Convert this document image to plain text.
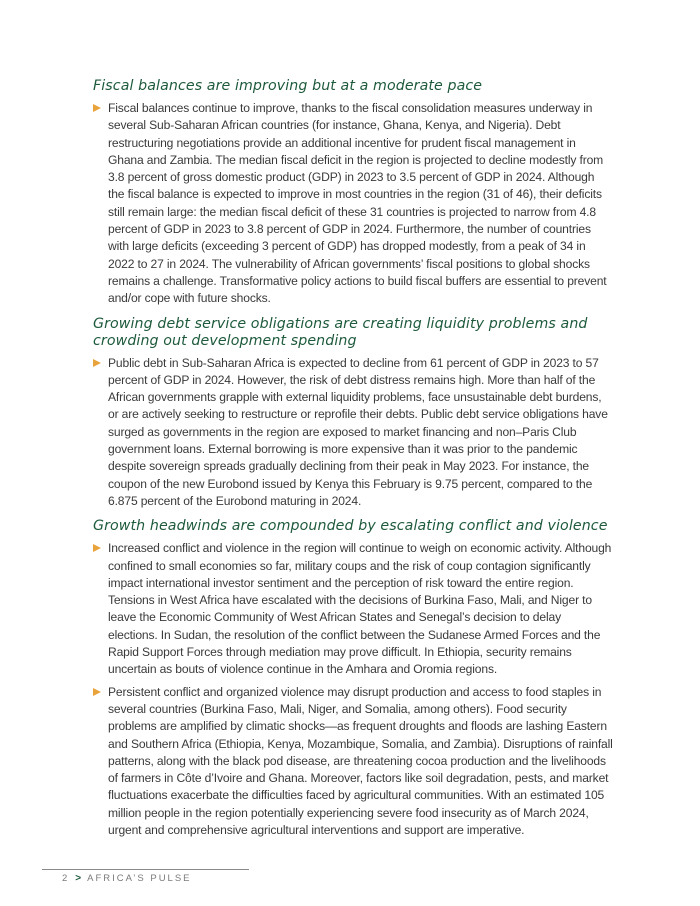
Fiscal balances are improving but at a moderate pace

Fiscal balances continue to improve, thanks to the fiscal consolidation measures underway in several Sub-Saharan African countries (for instance, Ghana, Kenya, and Nigeria). Debt restructuring negotiations provide an additional incentive for prudent fiscal management in Ghana and Zambia. The median fiscal deficit in the region is projected to decline modestly from 3.8 percent of gross domestic product (GDP) in 2023 to 3.5 percent of GDP in 2024. Although the fiscal balance is expected to improve in most countries in the region (31 of 46), their deficits still remain large: the median fiscal deficit of these 31 countries is projected to narrow from 4.8 percent of GDP in 2023 to 3.8 percent of GDP in 2024. Furthermore, the number of countries with large deficits (exceeding 3 percent of GDP) has dropped modestly, from a peak of 34 in 2022 to 27 in 2024. The vulnerability of African governments’ fiscal positions to global shocks remains a challenge. Transformative policy actions to build fiscal buffers are essential to prevent and/or cope with future shocks.

Growing debt service obligations are creating liquidity problems and crowding out development spending

Public debt in Sub-Saharan Africa is expected to decline from 61 percent of GDP in 2023 to 57 percent of GDP in 2024. However, the risk of debt distress remains high. More than half of the African governments grapple with external liquidity problems, face unsustainable debt burdens, or are actively seeking to restructure or reprofile their debts. Public debt service obligations have surged as governments in the region are exposed to market financing and non–Paris Club government loans. External borrowing is more expensive than it was prior to the pandemic despite sovereign spreads gradually declining from their peak in May 2023. For instance, the coupon of the new Eurobond issued by Kenya this February is 9.75 percent, compared to the 6.875 percent of the Eurobond maturing in 2024.

Growth headwinds are compounded by escalating conflict and violence

Increased conflict and violence in the region will continue to weigh on economic activity. Although confined to small economies so far, military coups and the risk of coup contagion significantly impact international investor sentiment and the perception of risk toward the entire region. Tensions in West Africa have escalated with the decisions of Burkina Faso, Mali, and Niger to leave the Economic Community of West African States and Senegal’s decision to delay elections. In Sudan, the resolution of the conflict between the Sudanese Armed Forces and the Rapid Support Forces through mediation may prove difficult. In Ethiopia, security remains uncertain as bouts of violence continue in the Amhara and Oromia regions.

Persistent conflict and organized violence may disrupt production and access to food staples in several countries (Burkina Faso, Mali, Niger, and Somalia, among others). Food security problems are amplified by climatic shocks—as frequent droughts and floods are lashing Eastern and Southern Africa (Ethiopia, Kenya, Mozambique, Somalia, and Zambia). Disruptions of rainfall patterns, along with the black pod disease, are threatening cocoa production and the livelihoods of farmers in Côte d’Ivoire and Ghana. Moreover, factors like soil degradation, pests, and market fluctuations exacerbate the difficulties faced by agricultural communities. With an estimated 105 million people in the region potentially experiencing severe food insecurity as of March 2024, urgent and comprehensive agricultural interventions and support are imperative.

2 > AFRICA’S PULSE
